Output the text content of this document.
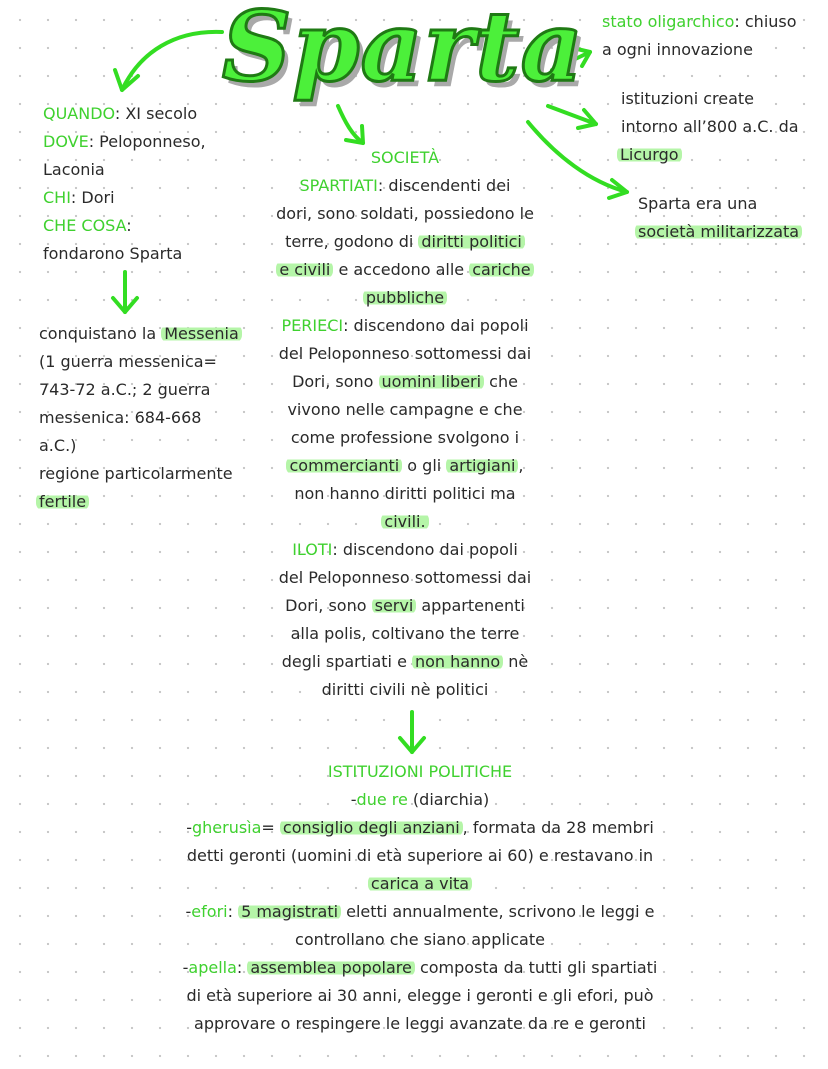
Sparta stato oligarchico: chiuso

a ogni innovazione

istituzioni create

intorno all’800 a.C. da

Licurgo

Sparta era una

società militarizzata

QUANDO: XI secolo

DOVE: Peloponneso,

Laconia

CHI: Dori

CHE COSA:

fondarono Sparta

conquistano la Messenia

(1 guerra messenica=

743-72 a.C.; 2 guerra

messenica: 684-668

a.C.)

regione particolarmente

fertile

SOCIETÀ

SPARTIATI: discendenti dei

dori, sono soldati, possiedono le

terre, godono di diritti politici

e civili e accedono alle cariche

pubbliche

PERIECI: discendono dai popoli

del Peloponneso sottomessi dai

Dori, sono uomini liberi che

vivono nelle campagne e che

come professione svolgono i

commercianti o gli artigiani ,

non hanno diritti politici ma

civili.

ILOTI: discendono dai popoli

del Peloponneso sottomessi dai

Dori, sono servi appartenenti

alla polis, coltivano the terre

degli spartiati e non hanno nè

diritti civili nè politici

ISTITUZIONI POLITICHE

-due re (diarchia)

-gherusìa= consiglio degli anziani , formata da 28 membri

detti geronti (uomini di età superiore ai 60) e restavano in

carica a vita

-efori: 5 magistrati eletti annualmente, scrivono le leggi e

controllano che siano applicate

-apella: assemblea popolare composta da tutti gli spartiati

di età superiore ai 30 anni, elegge i geronti e gli efori, può

approvare o respingere le leggi avanzate da re e geronti
